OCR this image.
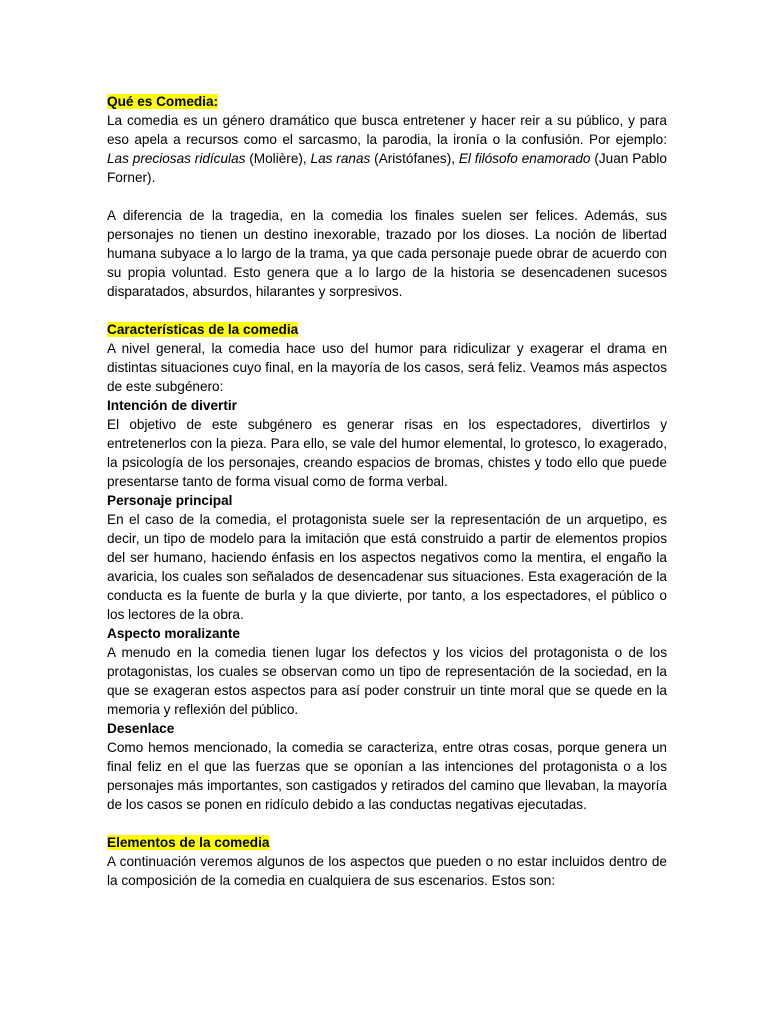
Qué es Comedia:

La comedia es un género dramático que busca entretener y hacer reir a su público, y para eso apela a recursos como el sarcasmo, la parodia, la ironía o la confusión. Por ejemplo: Las preciosas ridículas (Molière), Las ranas (Aristófanes), El filósofo enamorado (Juan Pablo Forner).

A diferencia de la tragedia, en la comedia los finales suelen ser felices. Además, sus personajes no tienen un destino inexorable, trazado por los dioses. La noción de libertad humana subyace a lo largo de la trama, ya que cada personaje puede obrar de acuerdo con su propia voluntad. Esto genera que a lo largo de la historia se desencadenen sucesos disparatados, absurdos, hilarantes y sorpresivos.

Características de la comedia

A nivel general, la comedia hace uso del humor para ridiculizar y exagerar el drama en distintas situaciones cuyo final, en la mayoría de los casos, será feliz. Veamos más aspectos de este subgénero:

Intención de divertir

El objetivo de este subgénero es generar risas en los espectadores, divertirlos y entretenerlos con la pieza. Para ello, se vale del humor elemental, lo grotesco, lo exagerado, la psicología de los personajes, creando espacios de bromas, chistes y todo ello que puede presentarse tanto de forma visual como de forma verbal.

Personaje principal

En el caso de la comedia, el protagonista suele ser la representación de un arquetipo, es decir, un tipo de modelo para la imitación que está construido a partir de elementos propios del ser humano, haciendo énfasis en los aspectos negativos como la mentira, el engaño la avaricia, los cuales son señalados de desencadenar sus situaciones. Esta exageración de la conducta es la fuente de burla y la que divierte, por tanto, a los espectadores, el público o los lectores de la obra.

Aspecto moralizante

A menudo en la comedia tienen lugar los defectos y los vicios del protagonista o de los protagonistas, los cuales se observan como un tipo de representación de la sociedad, en la que se exageran estos aspectos para así poder construir un tinte moral que se quede en la memoria y reflexión del público.

Desenlace

Como hemos mencionado, la comedia se caracteriza, entre otras cosas, porque genera un final feliz en el que las fuerzas que se oponían a las intenciones del protagonista o a los personajes más importantes, son castigados y retirados del camino que llevaban, la mayoría de los casos se ponen en ridículo debido a las conductas negativas ejecutadas.

Elementos de la comedia

A continuación veremos algunos de los aspectos que pueden o no estar incluidos dentro de la composición de la comedia en cualquiera de sus escenarios. Estos son:
